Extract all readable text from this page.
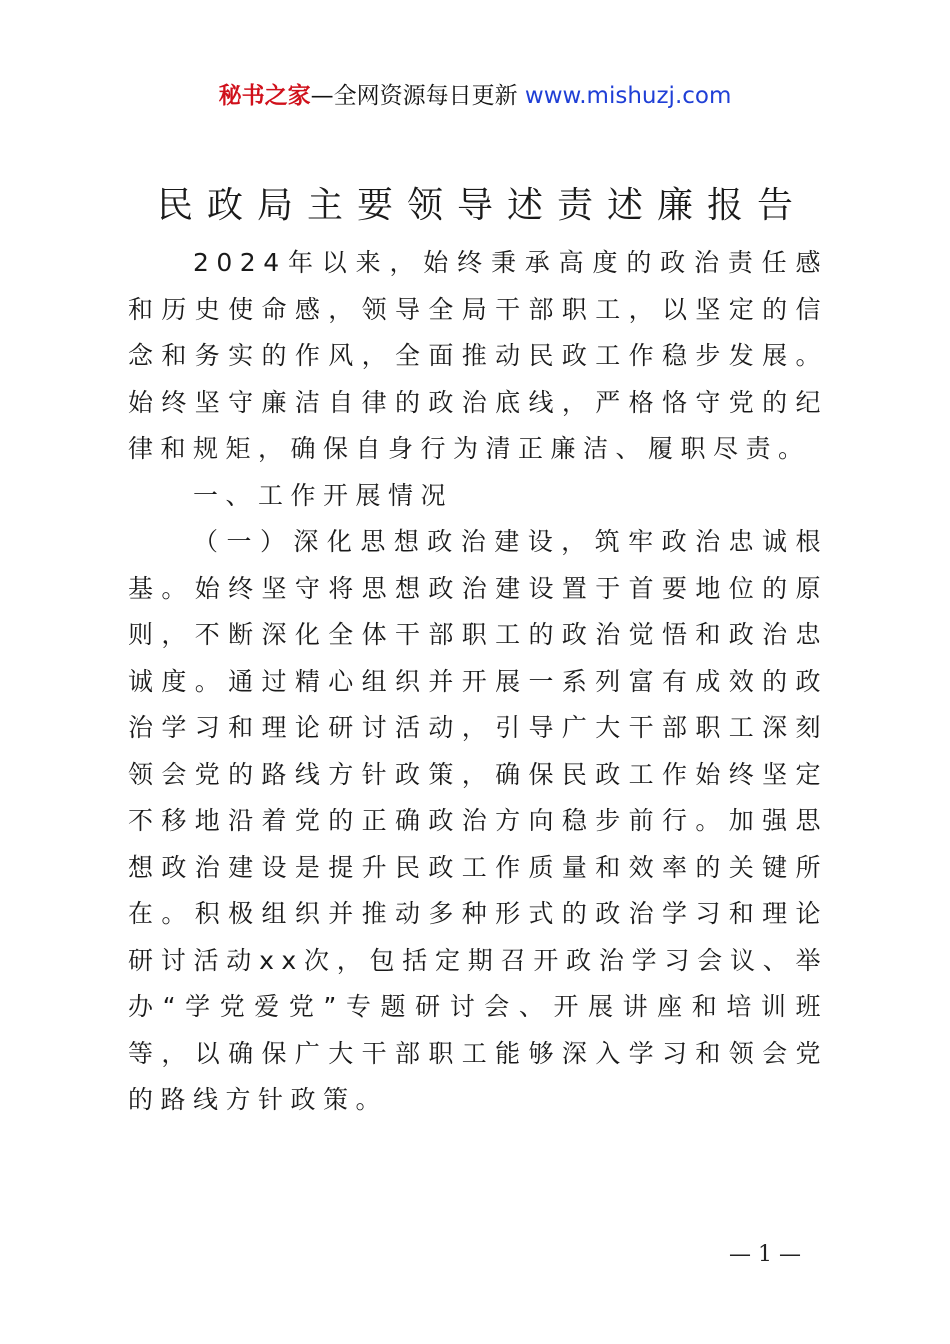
秘书之家—全网资源每日更新 www.mishuzj.com
民政局主要领导述责述廉报告

2024年以来，始终秉承高度的政治责任感和历史使命感，领导全局干部职工，以坚定的信念和务实的作风，全面推动民政工作稳步发展。始终坚守廉洁自律的政治底线，严格恪守党的纪律和规矩，确保自身行为清正廉洁、履职尽责。

一、工作开展情况

（一）深化思想政治建设，筑牢政治忠诚根基。始终坚守将思想政治建设置于首要地位的原则，不断深化全体干部职工的政治觉悟和政治忠诚度。通过精心组织并开展一系列富有成效的政治学习和理论研讨活动，引导广大干部职工深刻领会党的路线方针政策，确保民政工作始终坚定不移地沿着党的正确政治方向稳步前行。加强思想政治建设是提升民政工作质量和效率的关键所在。积极组织并推动多种形式的政治学习和理论研讨活动xx次，包括定期召开政治学习会议、举办“学党爱党”专题研讨会、开展讲座和培训班等，以确保广大干部职工能够深入学习和领会党的路线方针政策。

— 1 —
